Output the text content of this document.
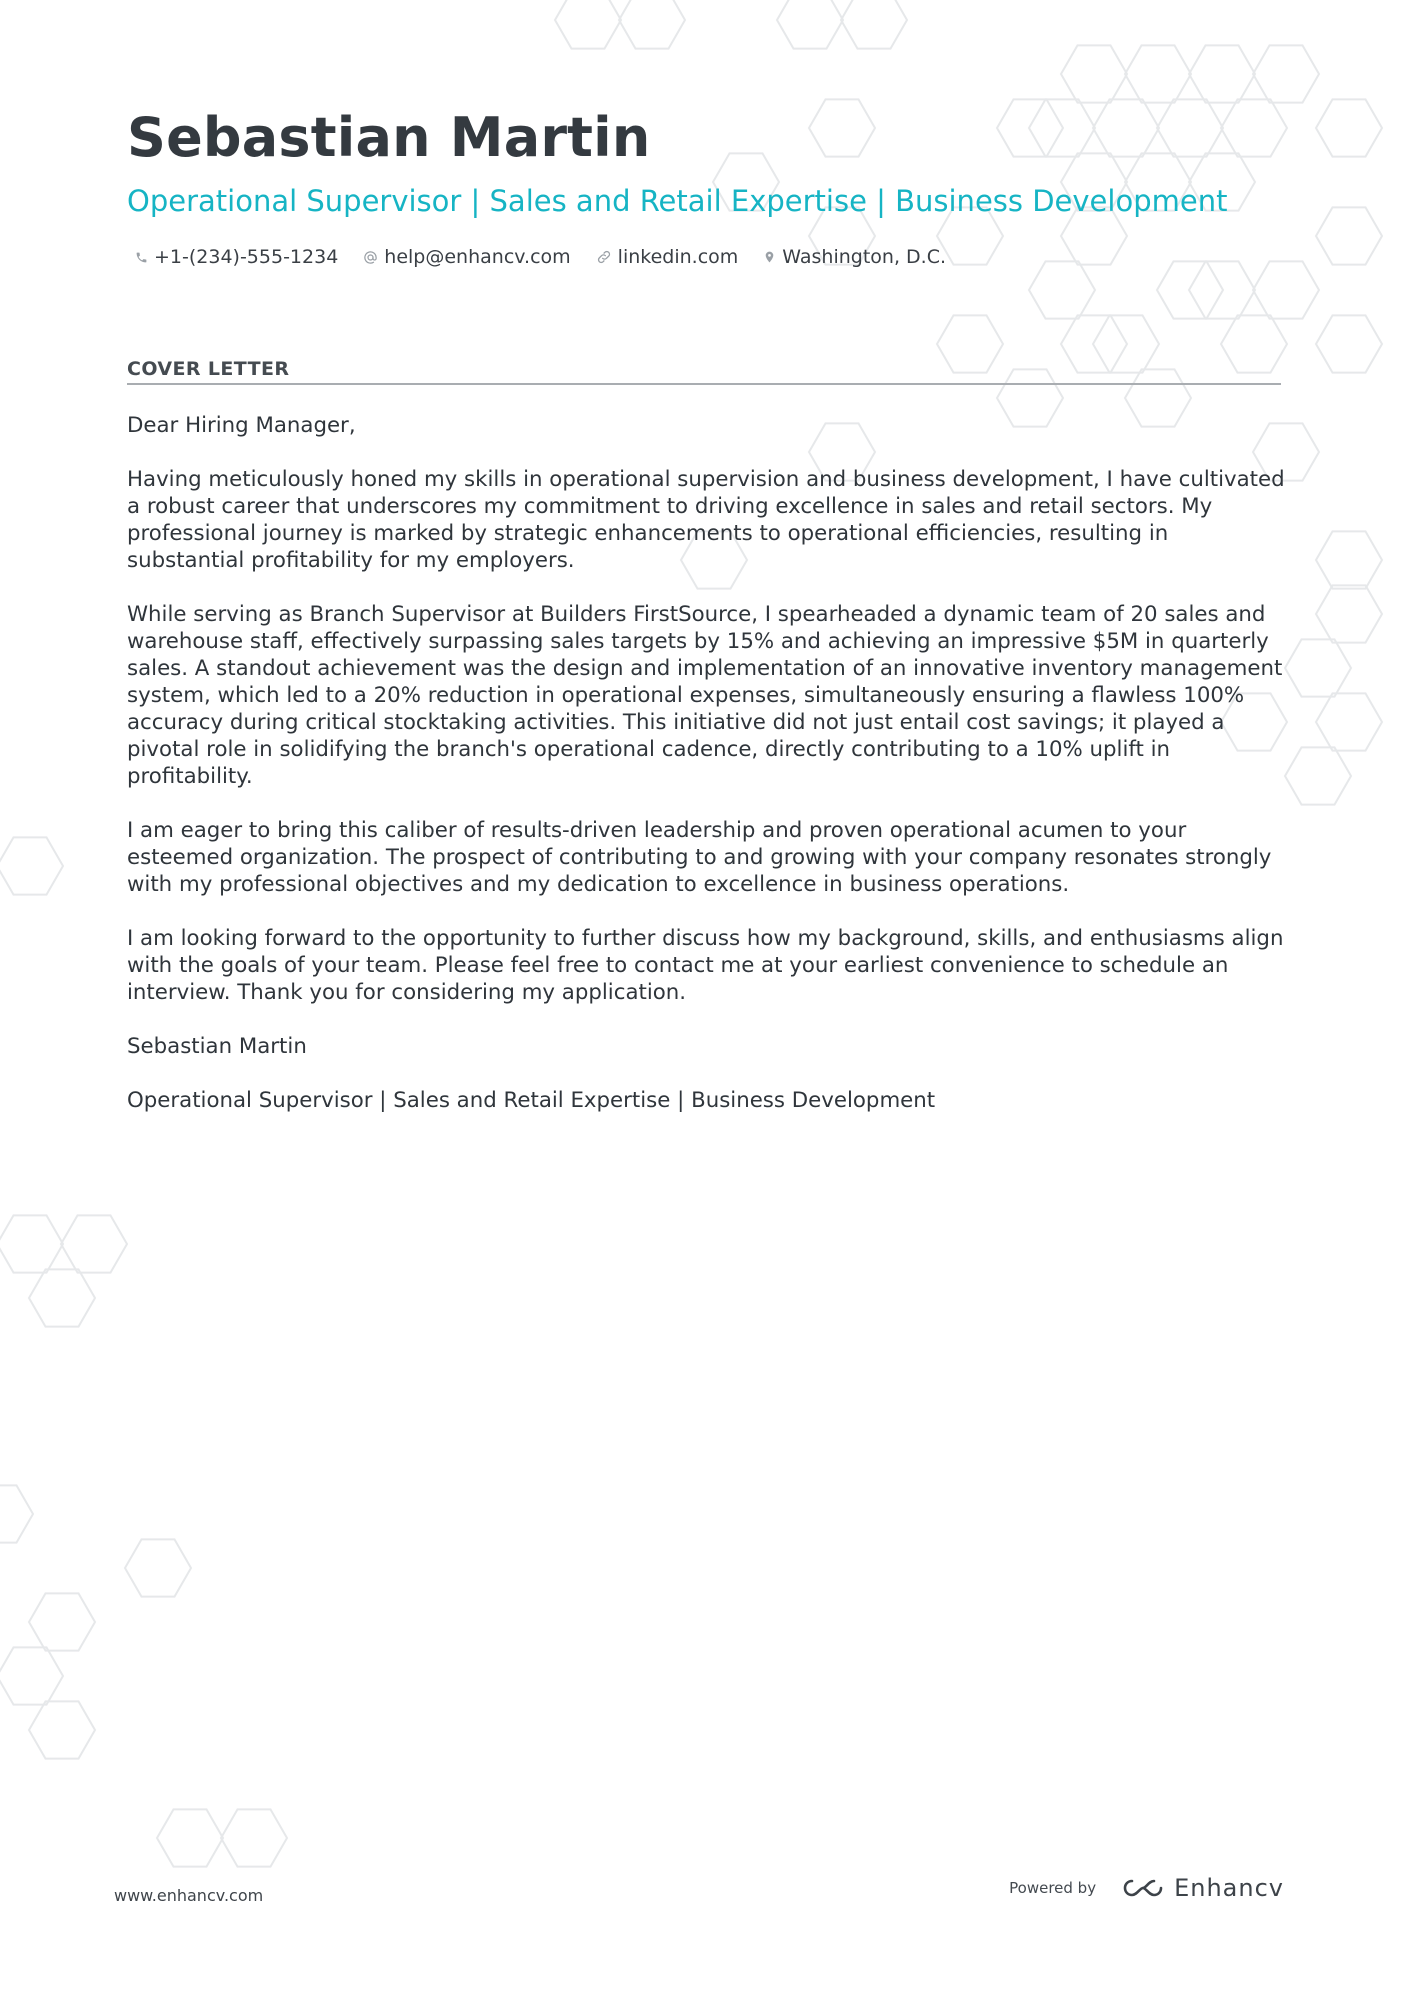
Sebastian Martin
Operational Supervisor | Sales and Retail Expertise | Business Development
+1-(234)-555-1234 help@enhancv.com linkedin.com Washington, D.C.
COVER LETTER

Dear Hiring Manager,

Having meticulously honed my skills in operational supervision and business development, I have cultivated a robust career that underscores my commitment to driving excellence in sales and retail sectors. My professional journey is marked by strategic enhancements to operational efficiencies, resulting in substantial profitability for my employers.

While serving as Branch Supervisor at Builders FirstSource, I spearheaded a dynamic team of 20 sales and warehouse staff, effectively surpassing sales targets by 15% and achieving an impressive $5M in quarterly sales. A standout achievement was the design and implementation of an innovative inventory management system, which led to a 20% reduction in operational expenses, simultaneously ensuring a flawless 100% accuracy during critical stocktaking activities. This initiative did not just entail cost savings; it played a pivotal role in solidifying the branch's operational cadence, directly contributing to a 10% uplift in profitability.

I am eager to bring this caliber of results-driven leadership and proven operational acumen to your esteemed organization. The prospect of contributing to and growing with your company resonates strongly with my professional objectives and my dedication to excellence in business operations.

I am looking forward to the opportunity to further discuss how my background, skills, and enthusiasms align with the goals of your team. Please feel free to contact me at your earliest convenience to schedule an interview. Thank you for considering my application.

Sebastian Martin

Operational Supervisor | Sales and Retail Expertise | Business Development

www.enhancv.com	Powered by	Enhancv
